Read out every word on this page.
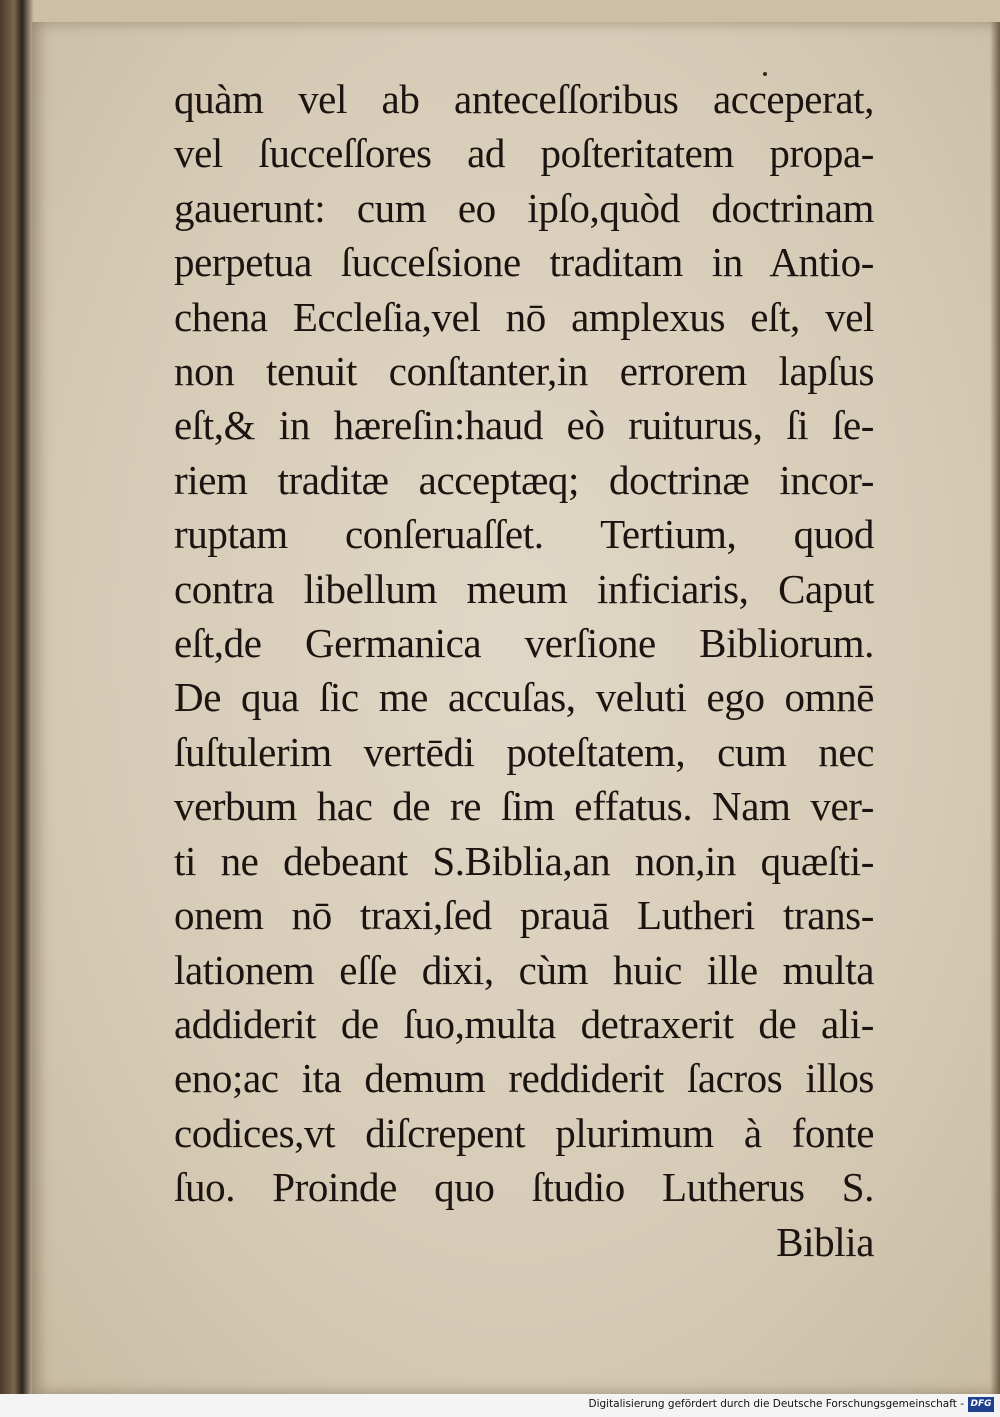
quàm vel ab anteceſſoribus acceperat,
vel ſucceſſores ad poſteritatem propa-
gauerunt: cum eo ipſo,quòd doctrinam
perpetua ſucceſsione traditam in Antio-
chena Eccleſia,vel nō amplexus eſt, vel
non tenuit conſtanter,in errorem lapſus
eſt,& in hæreſin:haud eò ruiturus, ſi ſe-
riem traditæ acceptæq; doctrinæ incor-
ruptam conſeruaſſet. Tertium, quod
contra libellum meum inficiaris, Caput
eſt,de Germanica verſione Bibliorum.
De qua ſic me accuſas, veluti ego omnē
ſuſtulerim vertēdi poteſtatem, cum nec
verbum hac de re ſim effatus. Nam ver-
ti ne debeant S.Biblia,an non,in quæſti-
onem nō traxi,ſed prauā Lutheri trans-
lationem eſſe dixi, cùm huic ille multa
addiderit de ſuo,multa detraxerit de ali-
eno;ac ita demum reddiderit ſacros illos
codices,vt diſcrepent plurimum à fonte
ſuo. Proinde quo ſtudio Lutherus S.
Biblia
Digitalisierung gefördert durch die Deutsche Forschungsgemeinschaft - DFG
